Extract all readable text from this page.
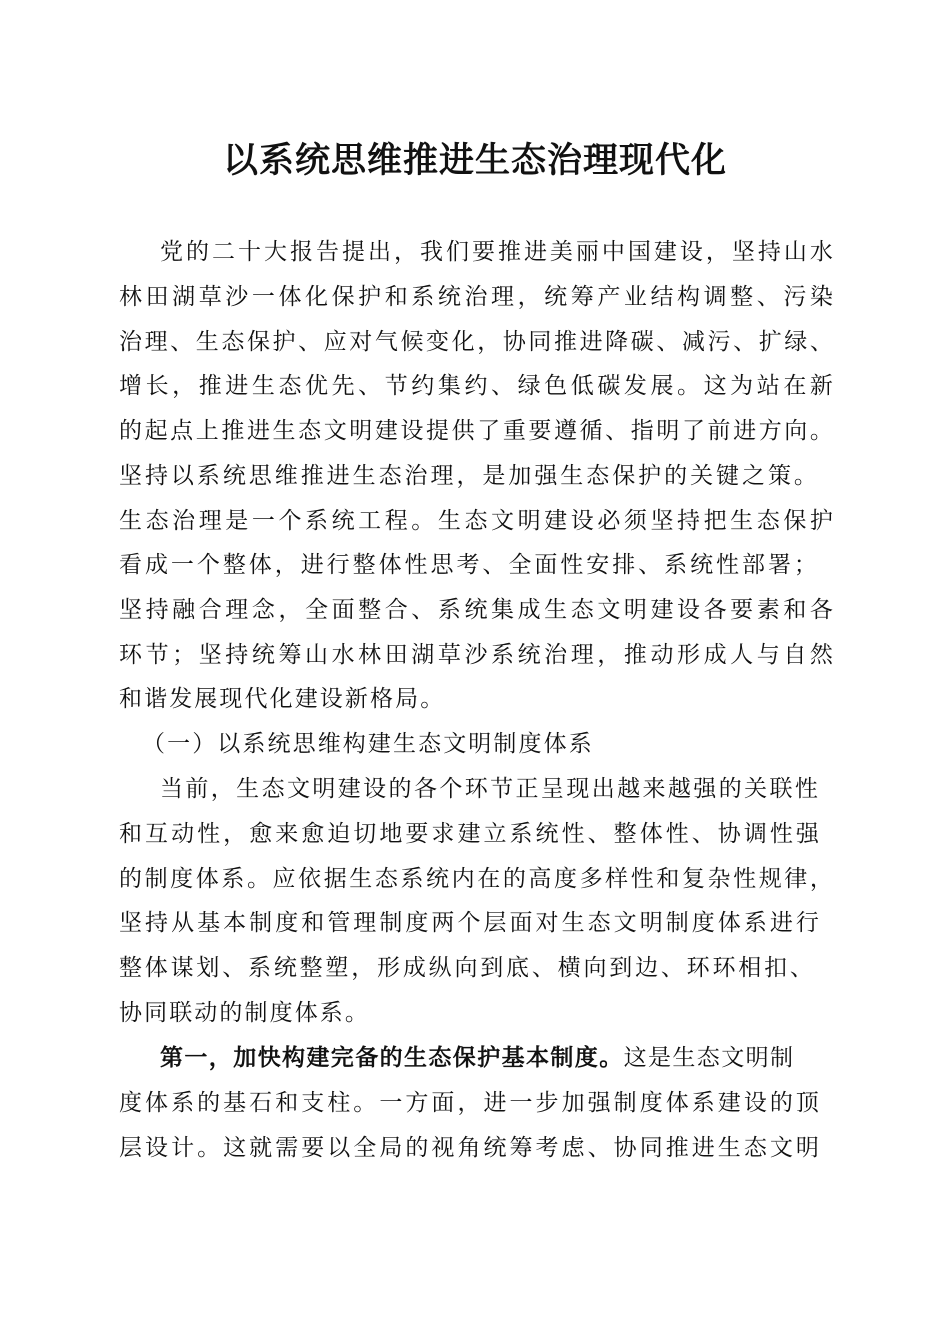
以系统思维推进生态治理现代化
党的二十大报告提出，我们要推进美丽中国建设，坚持山水
林田湖草沙一体化保护和系统治理，统筹产业结构调整、污染
治理、生态保护、应对气候变化，协同推进降碳、减污、扩绿、
增长，推进生态优先、节约集约、绿色低碳发展。这为站在新
的起点上推进生态文明建设提供了重要遵循、指明了前进方向。
坚持以系统思维推进生态治理，是加强生态保护的关键之策。
生态治理是一个系统工程。生态文明建设必须坚持把生态保护
看成一个整体，进行整体性思考、全面性安排、系统性部署；
坚持融合理念，全面整合、系统集成生态文明建设各要素和各
环节；坚持统筹山水林田湖草沙系统治理，推动形成人与自然
和谐发展现代化建设新格局。
（一）以系统思维构建生态文明制度体系
当前，生态文明建设的各个环节正呈现出越来越强的关联性
和互动性，愈来愈迫切地要求建立系统性、整体性、协调性强
的制度体系。应依据生态系统内在的高度多样性和复杂性规律，
坚持从基本制度和管理制度两个层面对生态文明制度体系进行
整体谋划、系统整塑，形成纵向到底、横向到边、环环相扣、
协同联动的制度体系。
第一，加快构建完备的生态保护基本制度。这是生态文明制
度体系的基石和支柱。一方面，进一步加强制度体系建设的顶
层设计。这就需要以全局的视角统筹考虑、协同推进生态文明
